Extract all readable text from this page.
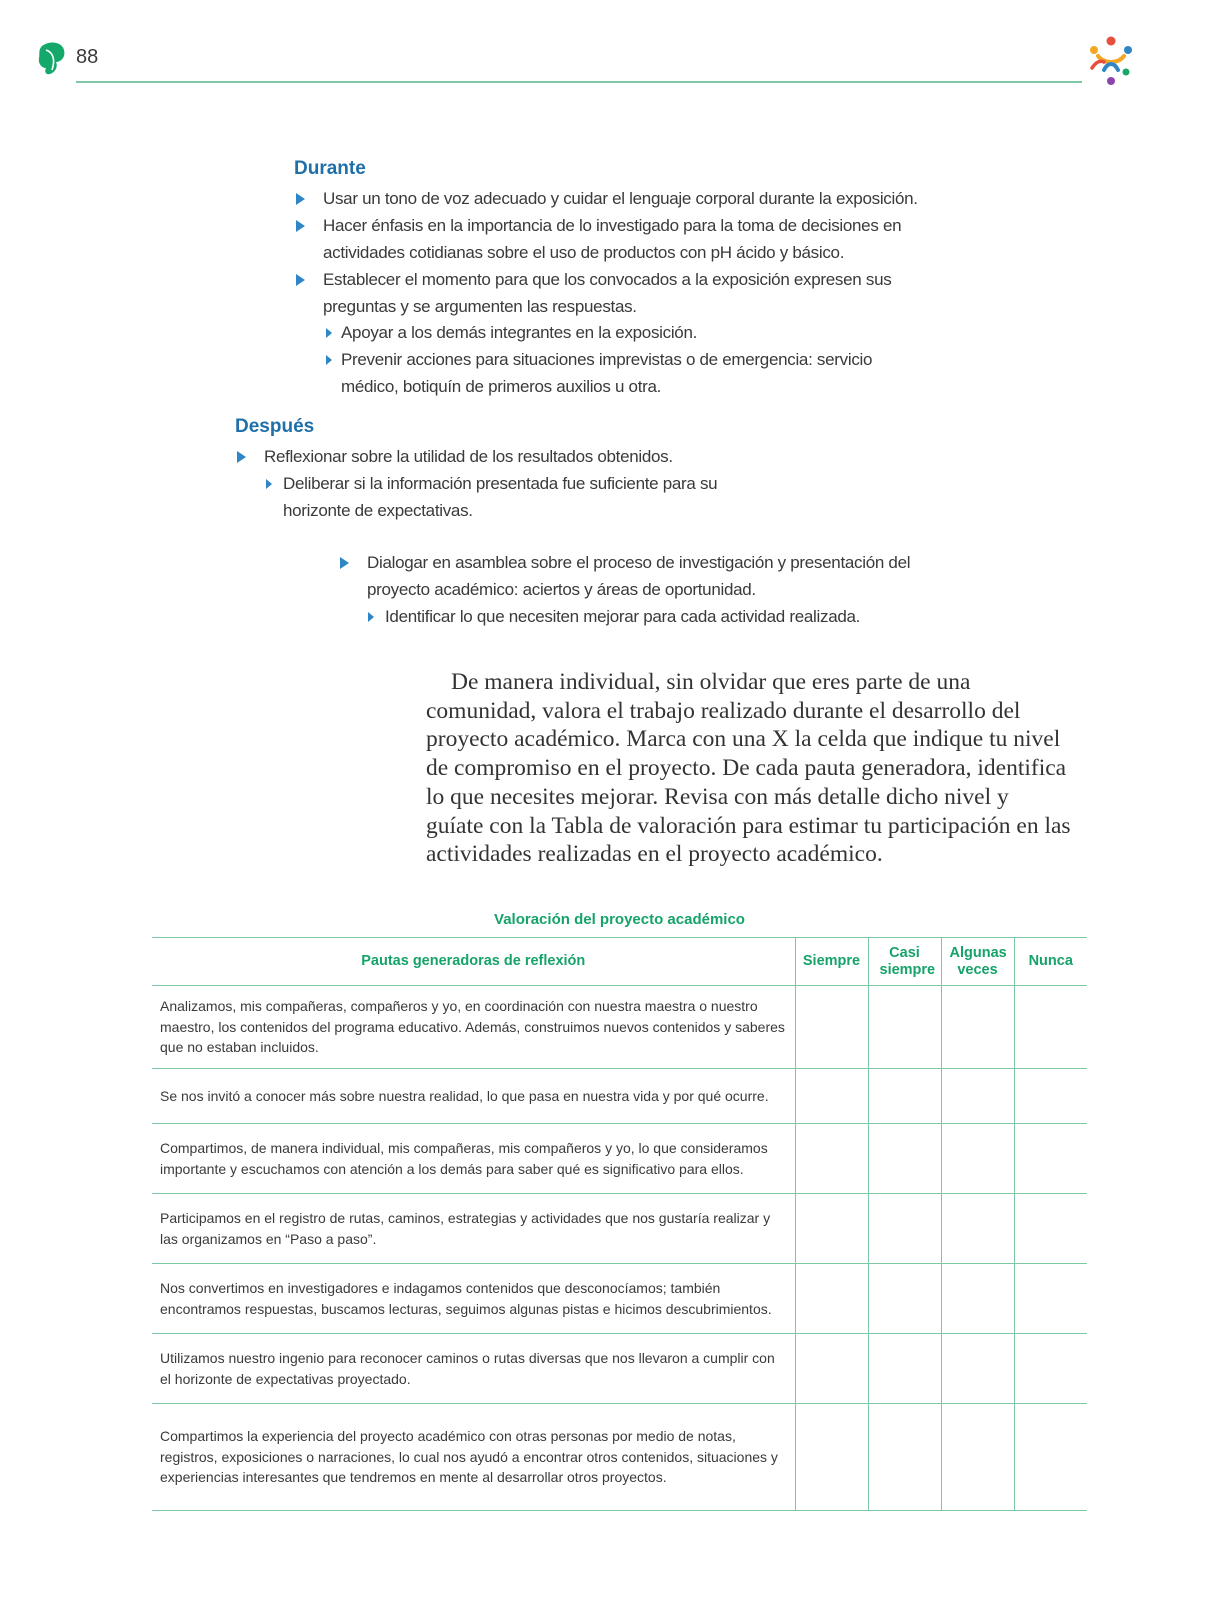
88
Durante
Usar un tono de voz adecuado y cuidar el lenguaje corporal durante la exposición.
Hacer énfasis en la importancia de lo investigado para la toma de decisiones en actividades cotidianas sobre el uso de productos con pH ácido y básico.
Establecer el momento para que los convocados a la exposición expresen sus preguntas y se argumenten las respuestas.
Apoyar a los demás integrantes en la exposición.
Prevenir acciones para situaciones imprevistas o de emergencia: servicio médico, botiquín de primeros auxilios u otra.
Después
Reflexionar sobre la utilidad de los resultados obtenidos.
Deliberar si la información presentada fue suficiente para su horizonte de expectativas.
Dialogar en asamblea sobre el proceso de investigación y presentación del proyecto académico: aciertos y áreas de oportunidad.
Identificar lo que necesiten mejorar para cada actividad realizada.
De manera individual, sin olvidar que eres parte de una comunidad, valora el trabajo realizado durante el desarrollo del proyecto académico. Marca con una X la celda que indique tu nivel de compromiso en el proyecto. De cada pauta generadora, identifica lo que necesites mejorar. Revisa con más detalle dicho nivel y guíate con la Tabla de valoración para estimar tu participación en las actividades realizadas en el proyecto académico.
Valoración del proyecto académico
Pautas generadoras de reflexión	Siempre	Casi siempre	Algunas veces	Nunca
Analizamos, mis compañeras, compañeros y yo, en coordinación con nuestra maestra o nuestro maestro, los contenidos del programa educativo. Además, construimos nuevos contenidos y saberes que no estaban incluidos.				
Se nos invitó a conocer más sobre nuestra realidad, lo que pasa en nuestra vida y por qué ocurre.				
Compartimos, de manera individual, mis compañeras, mis compañeros y yo, lo que consideramos importante y escuchamos con atención a los demás para saber qué es significativo para ellos.				
Participamos en el registro de rutas, caminos, estrategias y actividades que nos gustaría realizar y las organizamos en “Paso a paso”.				
Nos convertimos en investigadores e indagamos contenidos que desconocíamos; también encontramos respuestas, buscamos lecturas, seguimos algunas pistas e hicimos descubrimientos.				
Utilizamos nuestro ingenio para reconocer caminos o rutas diversas que nos llevaron a cumplir con el horizonte de expectativas proyectado.				
Compartimos la experiencia del proyecto académico con otras personas por medio de notas, registros, exposiciones o narraciones, lo cual nos ayudó a encontrar otros contenidos, situaciones y experiencias interesantes que tendremos en mente al desarrollar otros proyectos.				
